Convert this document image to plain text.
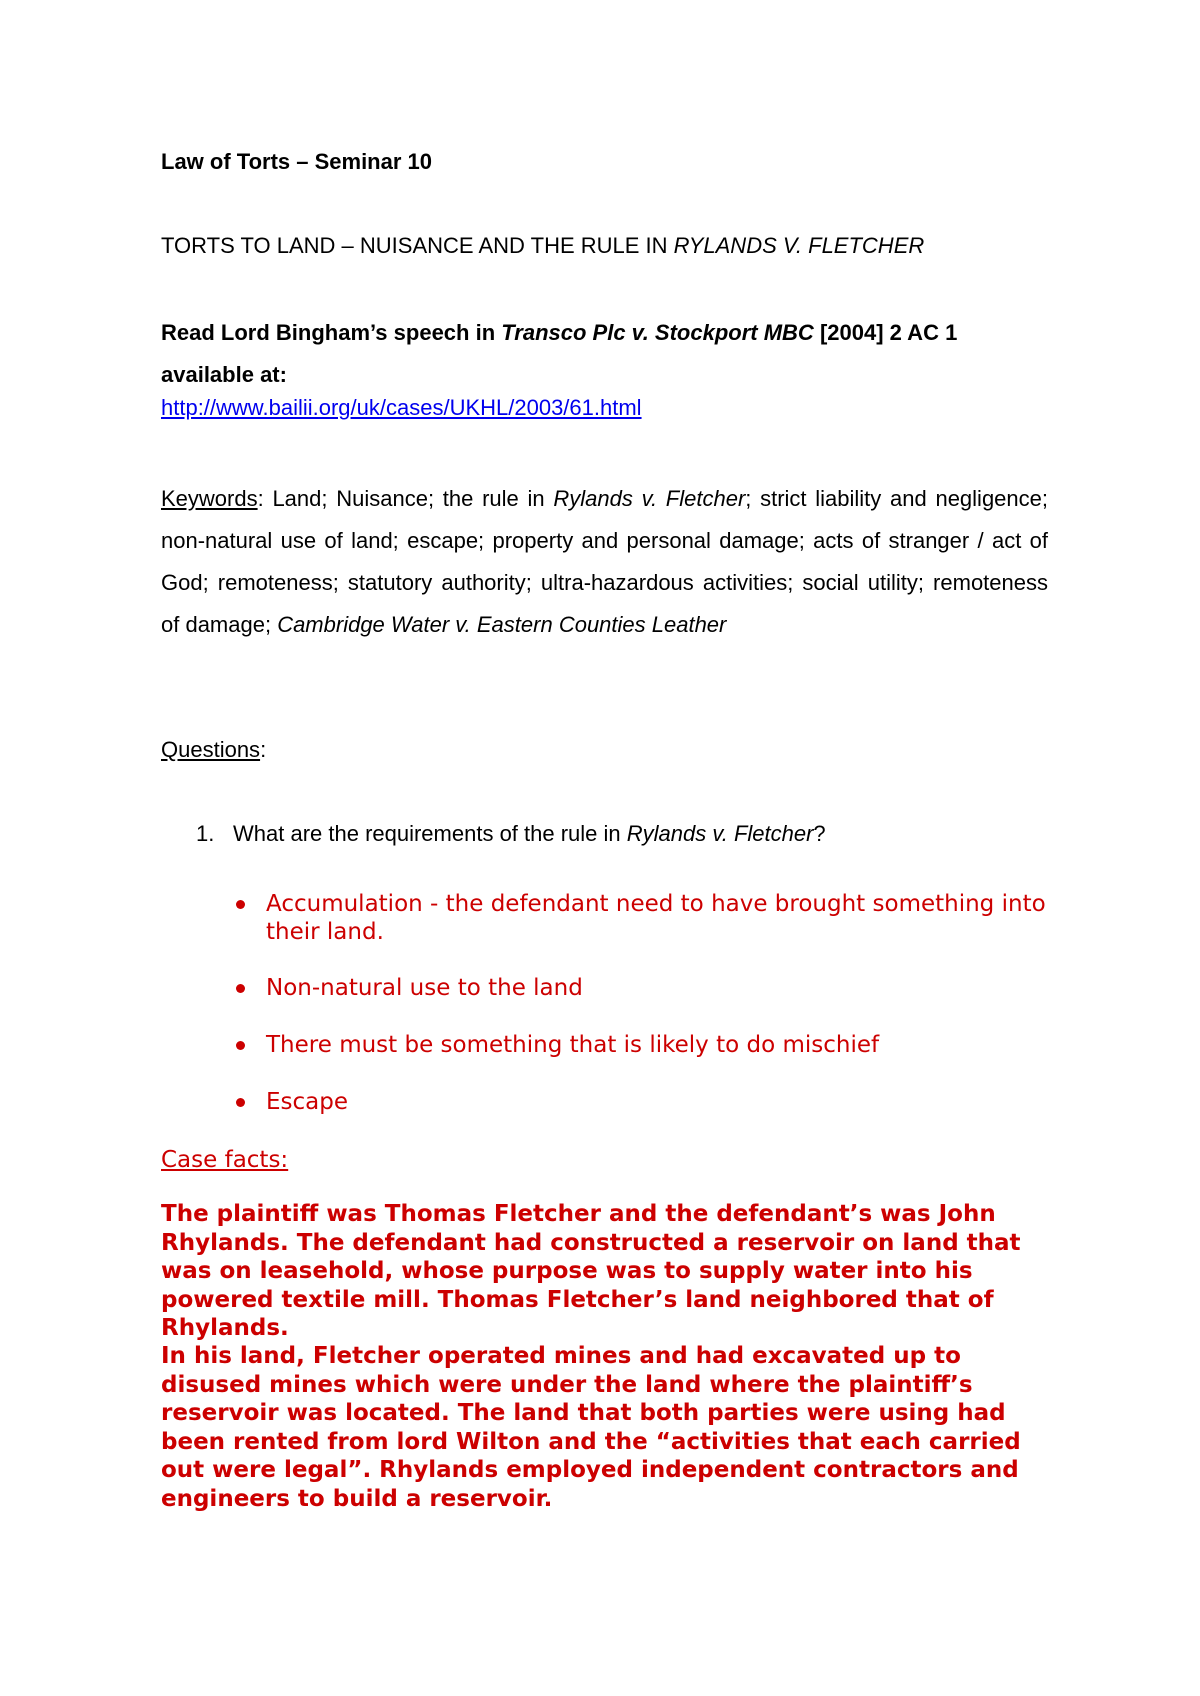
Law of Torts – Seminar 10
TORTS TO LAND – NUISANCE AND THE RULE IN RYLANDS V. FLETCHER
Read Lord Bingham’s speech in Transco Plc v. Stockport MBC [2004] 2 AC 1 available at:
http://www.bailii.org/uk/cases/UKHL/2003/61.html
Keywords: Land; Nuisance; the rule in Rylands v. Fletcher; strict liability and negligence; non-natural use of land; escape; property and personal damage; acts of stranger / act of God; remoteness; statutory authority; ultra-hazardous activities; social utility; remoteness of damage; Cambridge Water v. Eastern Counties Leather
Questions:
1. What are the requirements of the rule in Rylands v. Fletcher?
Accumulation - the defendant need to have brought something into their land.
Non-natural use to the land
There must be something that is likely to do mischief
Escape
Case facts:
The plaintiff was Thomas Fletcher and the defendant’s was John Rhylands. The defendant had constructed a reservoir on land that was on leasehold, whose purpose was to supply water into his powered textile mill. Thomas Fletcher’s land neighbored that of Rhylands.
In his land, Fletcher operated mines and had excavated up to disused mines which were under the land where the plaintiff’s reservoir was located. The land that both parties were using had been rented from lord Wilton and the “activities that each carried out were legal”. Rhylands employed independent contractors and engineers to build a reservoir.
